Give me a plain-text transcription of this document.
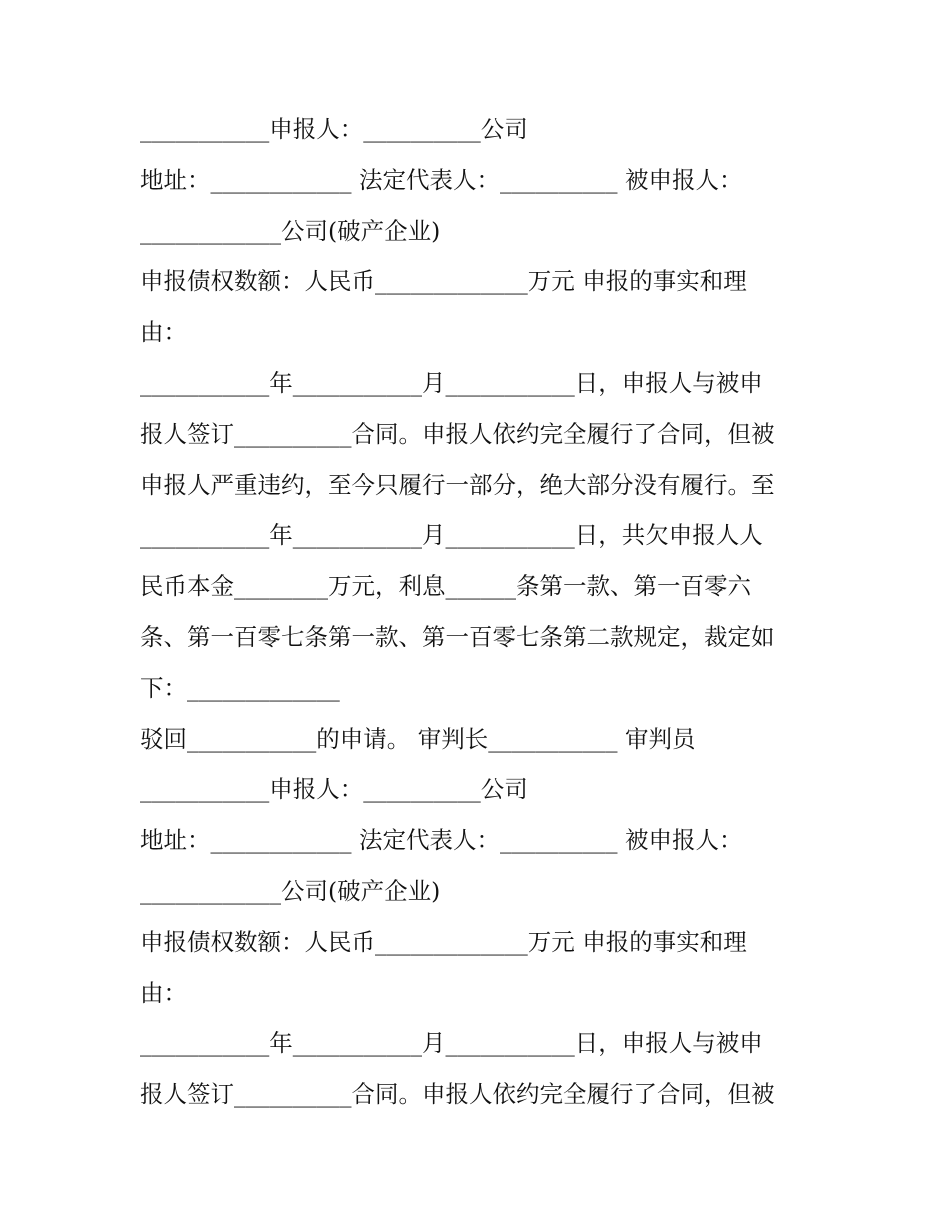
___________申报人：__________公司
地址：____________ 法定代表人：__________ 被申报人：
____________公司(破产企业)
申报债权数额：人民币_____________万元 申报的事实和理
由：
___________年___________月___________日，申报人与被申
报人签订__________合同。申报人依约完全履行了合同，但被
申报人严重违约，至今只履行一部分，绝大部分没有履行。至
___________年___________月___________日，共欠申报人人
民币本金________万元，利息______条第一款、第一百零六
条、第一百零七条第一款、第一百零七条第二款规定，裁定如
下：_____________
驳回___________的申请。 审判长___________ 审判员
___________申报人：__________公司
地址：____________ 法定代表人：__________ 被申报人：
____________公司(破产企业)
申报债权数额：人民币_____________万元 申报的事实和理
由：
___________年___________月___________日，申报人与被申
报人签订__________合同。申报人依约完全履行了合同，但被
